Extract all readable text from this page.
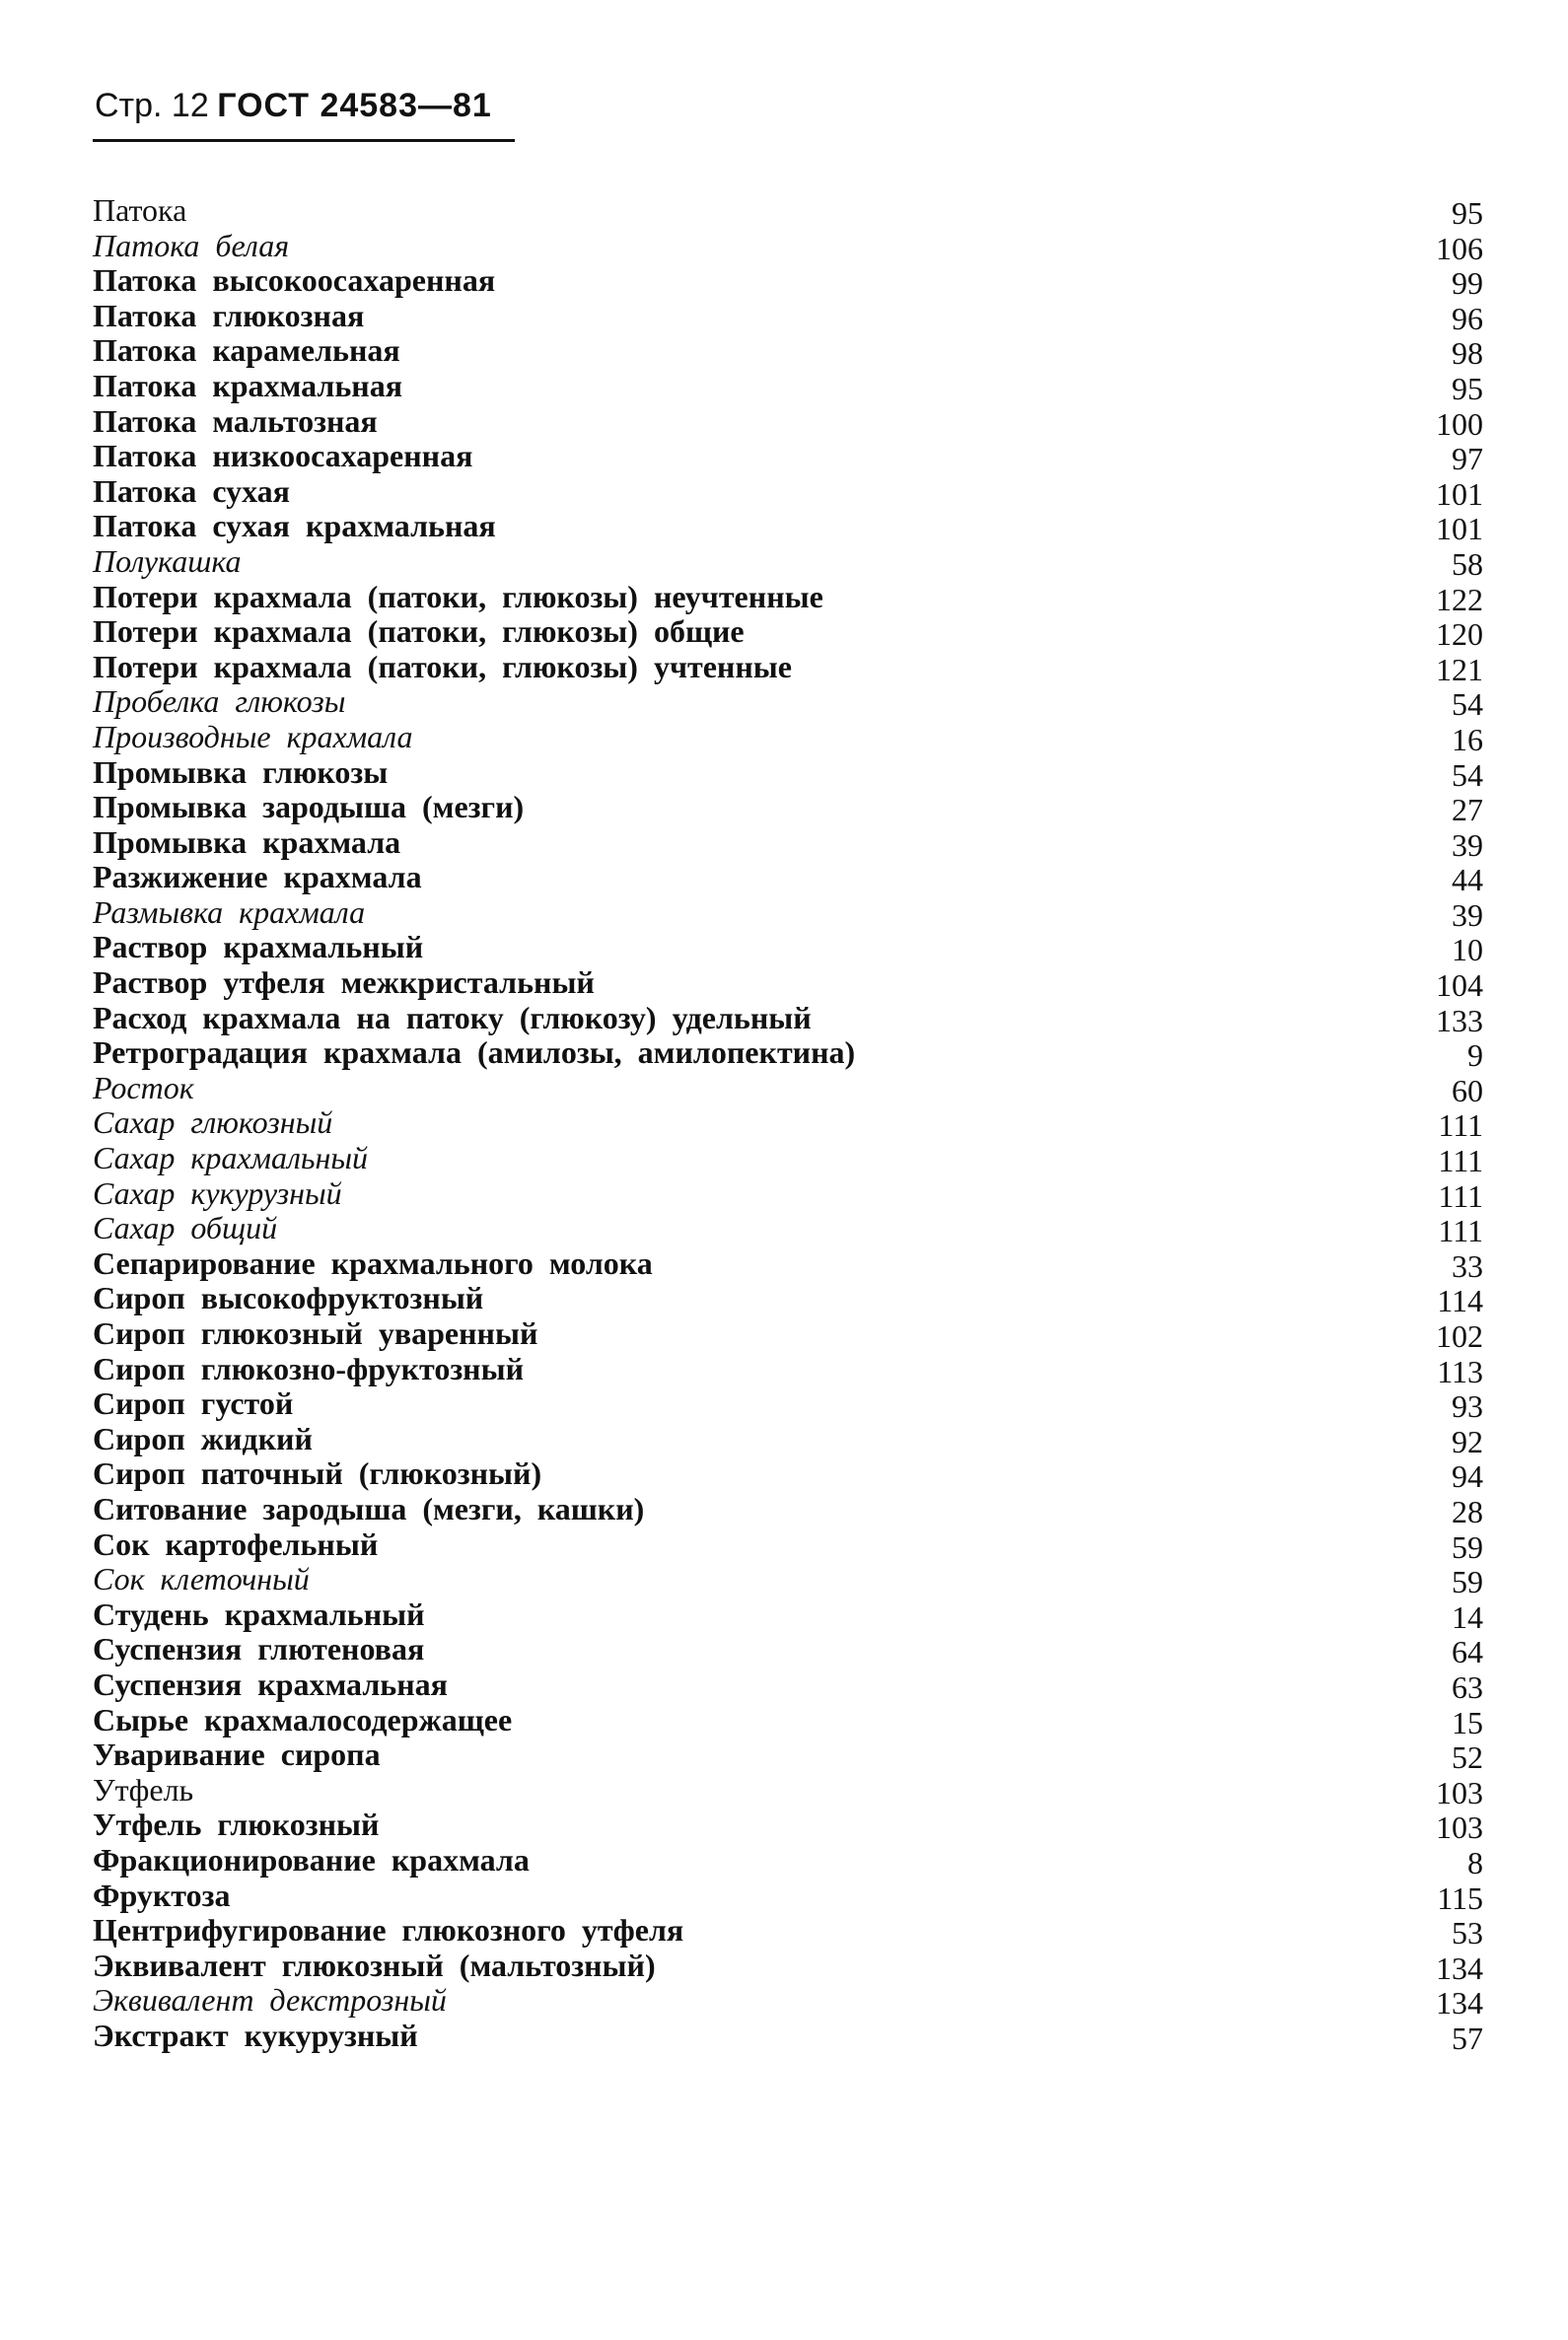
Стр. 12 ГОСТ 24583—81
Патока	95
Патока белая	106
Патока высокоосахаренная	99
Патока глюкозная	96
Патока карамельная	98
Патока крахмальная	95
Патока мальтозная	100
Патока низкоосахаренная	97
Патока сухая	101
Патока сухая крахмальная	101
Полукашка	58
Потери крахмала (патоки, глюкозы) неучтенные	122
Потери крахмала (патоки, глюкозы) общие	120
Потери крахмала (патоки, глюкозы) учтенные	121
Пробелка глюкозы	54
Производные крахмала	16
Промывка глюкозы	54
Промывка зародыша (мезги)	27
Промывка крахмала	39
Разжижение крахмала	44
Размывка крахмала	39
Раствор крахмальный	10
Раствор утфеля межкристальный	104
Расход крахмала на патоку (глюкозу) удельный	133
Ретроградация крахмала (амилозы, амилопектина)	9
Росток	60
Сахар глюкозный	111
Сахар крахмальный	111
Сахар кукурузный	111
Сахар общий	111
Сепарирование крахмального молока	33
Сироп высокофруктозный	114
Сироп глюкозный уваренный	102
Сироп глюкозно-фруктозный	113
Сироп густой	93
Сироп жидкий	92
Сироп паточный (глюкозный)	94
Ситование зародыша (мезги, кашки)	28
Сок картофельный	59
Сок клеточный	59
Студень крахмальный	14
Суспензия глютеновая	64
Суспензия крахмальная	63
Сырье крахмалосодержащее	15
Уваривание сиропа	52
Утфель	103
Утфель глюкозный	103
Фракционирование крахмала	8
Фруктоза	115
Центрифугирование глюкозного утфеля	53
Эквивалент глюкозный (мальтозный)	134
Эквивалент декстрозный	134
Экстракт кукурузный	57
